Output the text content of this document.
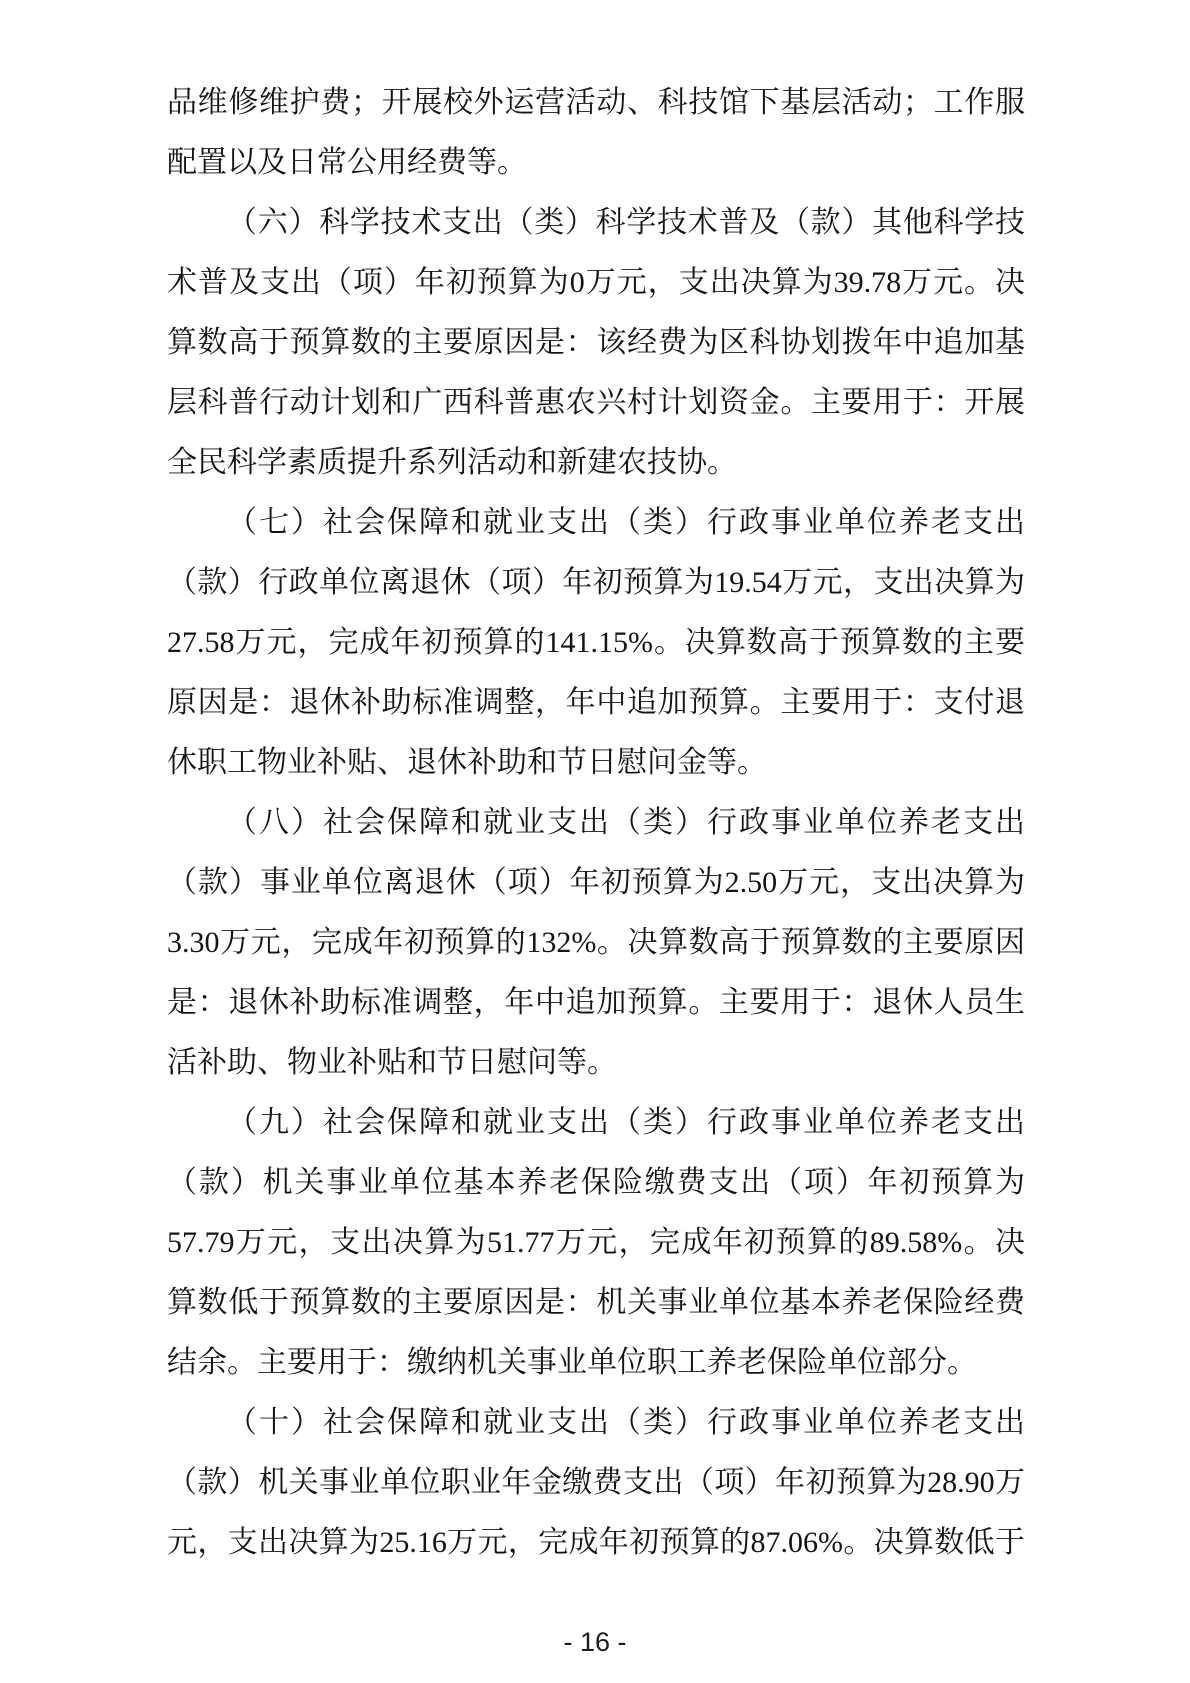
品维修维护费；开展校外运营活动、科技馆下基层活动；工作服
配置以及日常公用经费等。
（六）科学技术支出（类）科学技术普及（款）其他科学技
术普及支出（项）年初预算为0万元，支出决算为39.78万元。决
算数高于预算数的主要原因是：该经费为区科协划拨年中追加基
层科普行动计划和广西科普惠农兴村计划资金。主要用于：开展
全民科学素质提升系列活动和新建农技协。
（七）社会保障和就业支出（类）行政事业单位养老支出
（款）行政单位离退休（项）年初预算为19.54万元，支出决算为
27.58万元，完成年初预算的141.15%。决算数高于预算数的主要
原因是：退休补助标准调整，年中追加预算。主要用于：支付退
休职工物业补贴、退休补助和节日慰问金等。
（八）社会保障和就业支出（类）行政事业单位养老支出
（款）事业单位离退休（项）年初预算为2.50万元，支出决算为
3.30万元，完成年初预算的132%。决算数高于预算数的主要原因
是：退休补助标准调整，年中追加预算。主要用于：退休人员生
活补助、物业补贴和节日慰问等。
（九）社会保障和就业支出（类）行政事业单位养老支出
（款）机关事业单位基本养老保险缴费支出（项）年初预算为
57.79万元，支出决算为51.77万元，完成年初预算的89.58%。决
算数低于预算数的主要原因是：机关事业单位基本养老保险经费
结余。主要用于：缴纳机关事业单位职工养老保险单位部分。
（十）社会保障和就业支出（类）行政事业单位养老支出
（款）机关事业单位职业年金缴费支出（项）年初预算为28.90万
元，支出决算为25.16万元，完成年初预算的87.06%。决算数低于
- 16 -
